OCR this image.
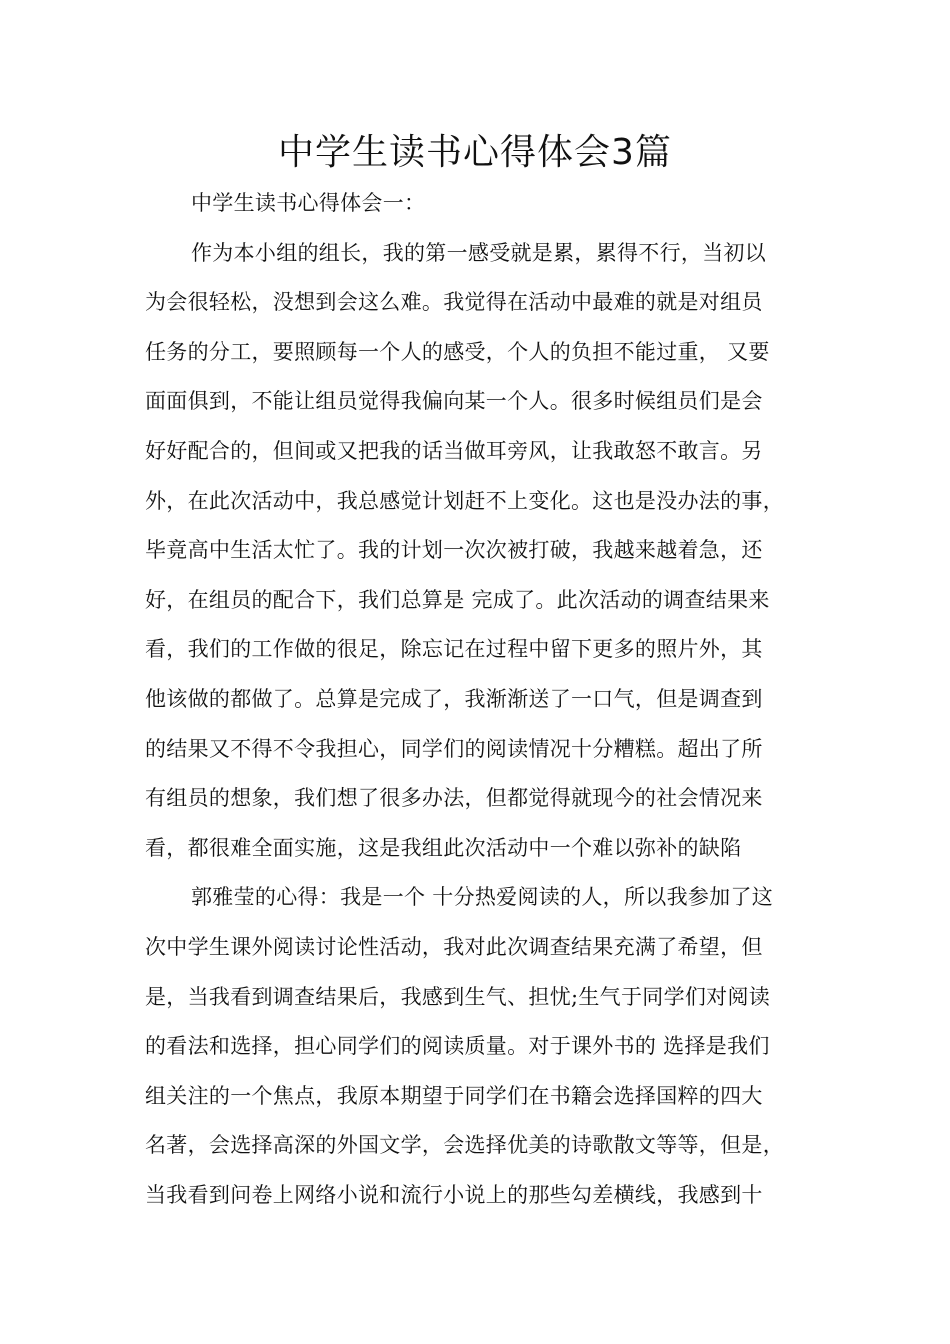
中学生读书心得体会3篇
中学生读书心得体会一：
作为本小组的组长，我的第一感受就是累，累得不行，当初以
为会很轻松，没想到会这么难。我觉得在活动中最难的就是对组员
任务的分工，要照顾每一个人的感受，个人的负担不能过重， 又要
面面俱到，不能让组员觉得我偏向某一个人。很多时候组员们是会
好好配合的，但间或又把我的话当做耳旁风，让我敢怒不敢言。另
外，在此次活动中，我总感觉计划赶不上变化。这也是没办法的事，
毕竟高中生活太忙了。我的计划一次次被打破，我越来越着急，还
好，在组员的配合下，我们总算是 完成了。此次活动的调查结果来
看，我们的工作做的很足，除忘记在过程中留下更多的照片外，其
他该做的都做了。总算是完成了，我渐渐送了一口气，但是调查到
的结果又不得不令我担心，同学们的阅读情况十分糟糕。超出了所
有组员的想象，我们想了很多办法，但都觉得就现今的社会情况来
看，都很难全面实施，这是我组此次活动中一个难以弥补的缺陷
郭雅莹的心得：我是一个 十分热爱阅读的人，所以我参加了这
次中学生课外阅读讨论性活动，我对此次调查结果充满了希望，但
是，当我看到调查结果后，我感到生气、担忧;生气于同学们对阅读
的看法和选择，担心同学们的阅读质量。对于课外书的 选择是我们
组关注的一个焦点，我原本期望于同学们在书籍会选择国粹的四大
名著，会选择高深的外国文学，会选择优美的诗歌散文等等，但是，
当我看到问卷上网络小说和流行小说上的那些勾差横线，我感到十
